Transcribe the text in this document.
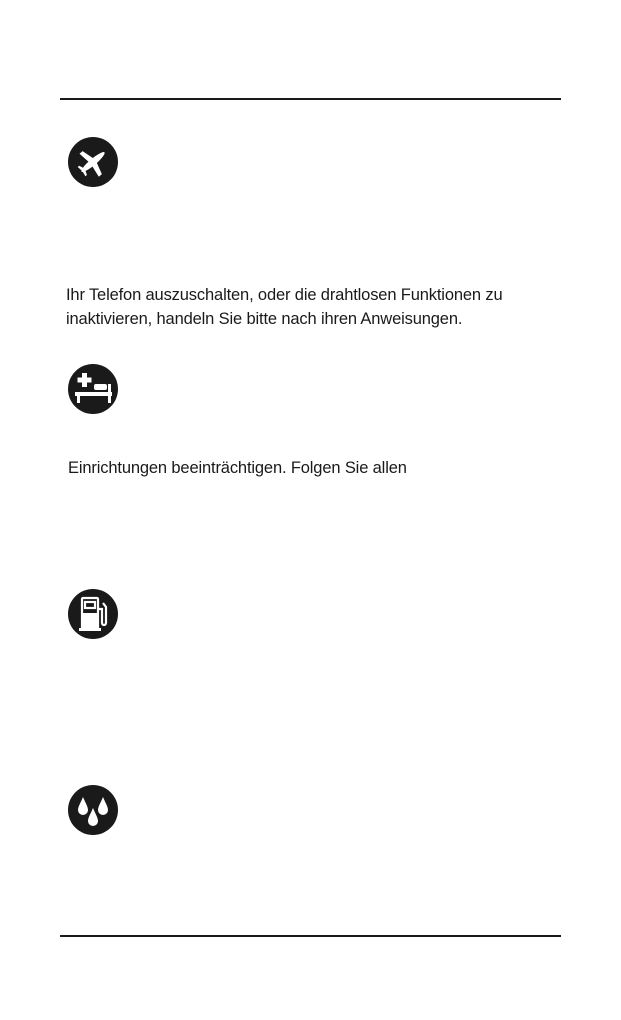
Ihr Telefon auszuschalten, oder die drahtlosen Funktionen zu
inaktivieren, handeln Sie bitte nach ihren Anweisungen.

Einrichtungen beeinträchtigen. Folgen Sie allen
